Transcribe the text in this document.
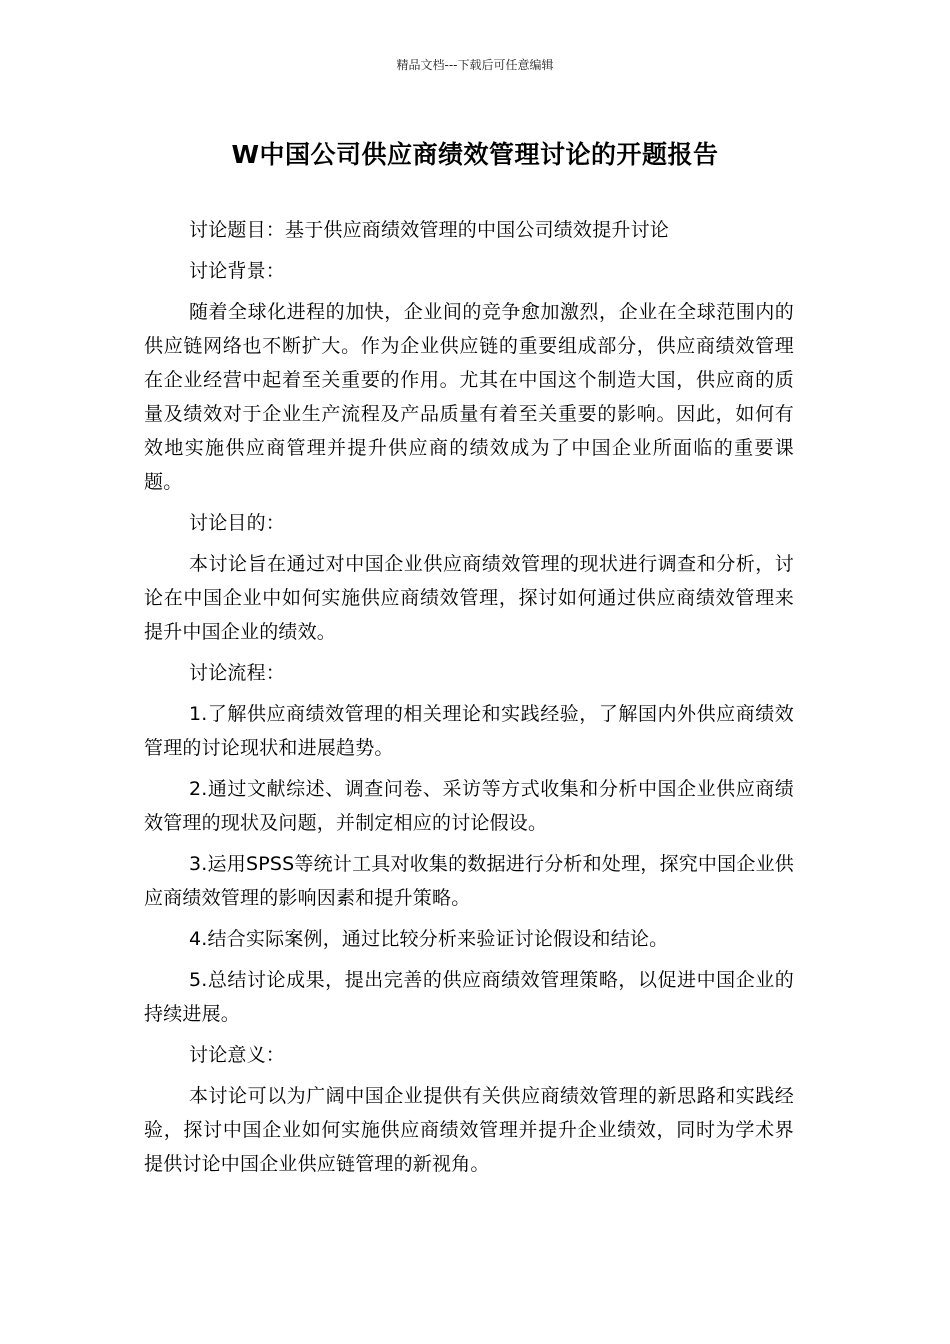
精品文档---下载后可任意编辑
W中国公司供应商绩效管理讨论的开题报告

讨论题目：基于供应商绩效管理的中国公司绩效提升讨论

讨论背景：

随着全球化进程的加快，企业间的竞争愈加激烈，企业在全球范围内的供应链网络也不断扩大。作为企业供应链的重要组成部分，供应商绩效管理在企业经营中起着至关重要的作用。尤其在中国这个制造大国，供应商的质量及绩效对于企业生产流程及产品质量有着至关重要的影响。因此，如何有效地实施供应商管理并提升供应商的绩效成为了中国企业所面临的重要课题。

讨论目的：

本讨论旨在通过对中国企业供应商绩效管理的现状进行调查和分析，讨论在中国企业中如何实施供应商绩效管理，探讨如何通过供应商绩效管理来提升中国企业的绩效。

讨论流程：

1.了解供应商绩效管理的相关理论和实践经验，了解国内外供应商绩效管理的讨论现状和进展趋势。

2.通过文献综述、调查问卷、采访等方式收集和分析中国企业供应商绩效管理的现状及问题，并制定相应的讨论假设。

3.运用SPSS等统计工具对收集的数据进行分析和处理，探究中国企业供应商绩效管理的影响因素和提升策略。

4.结合实际案例，通过比较分析来验证讨论假设和结论。

5.总结讨论成果，提出完善的供应商绩效管理策略，以促进中国企业的持续进展。

讨论意义：

本讨论可以为广阔中国企业提供有关供应商绩效管理的新思路和实践经验，探讨中国企业如何实施供应商绩效管理并提升企业绩效，同时为学术界提供讨论中国企业供应链管理的新视角。
